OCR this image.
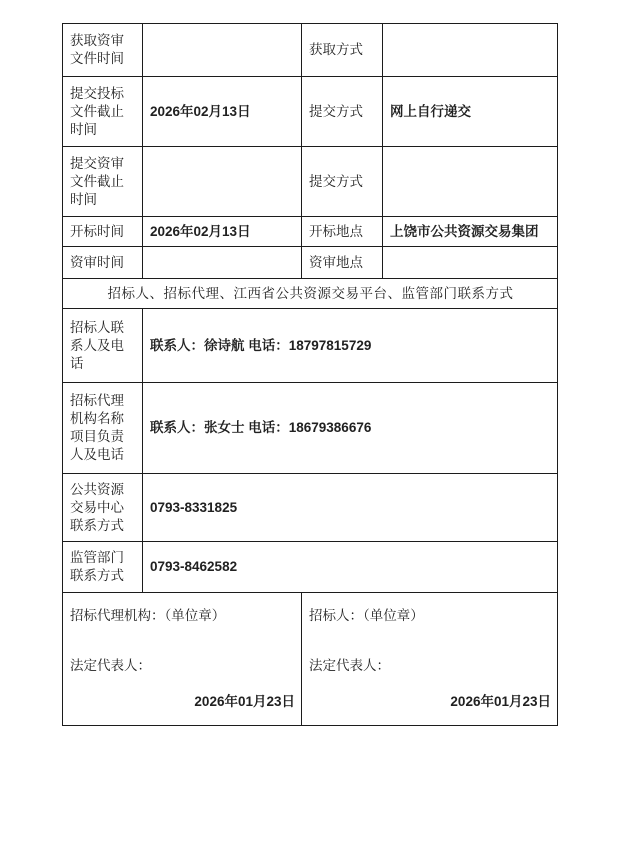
获取资审文件时间		获取方式	
提交投标文件截止时间	2026年02月13日	提交方式	网上自行递交
提交资审文件截止时间		提交方式	
开标时间	2026年02月13日	开标地点	上饶市公共资源交易集团
资审时间		资审地点	
招标人、招标代理、江西省公共资源交易平台、监管部门联系方式			
招标人联系人及电话	联系人：徐诗航 电话：18797815729		
招标代理机构名称项目负责人及电话	联系人：张女士 电话：18679386676		
公共资源交易中心联系方式	0793-8331825		
监管部门联系方式	0793-8462582		

招标代理机构：（单位章）
法定代表人：
2026年01月23日

招标人：（单位章）
法定代表人：
2026年01月23日
